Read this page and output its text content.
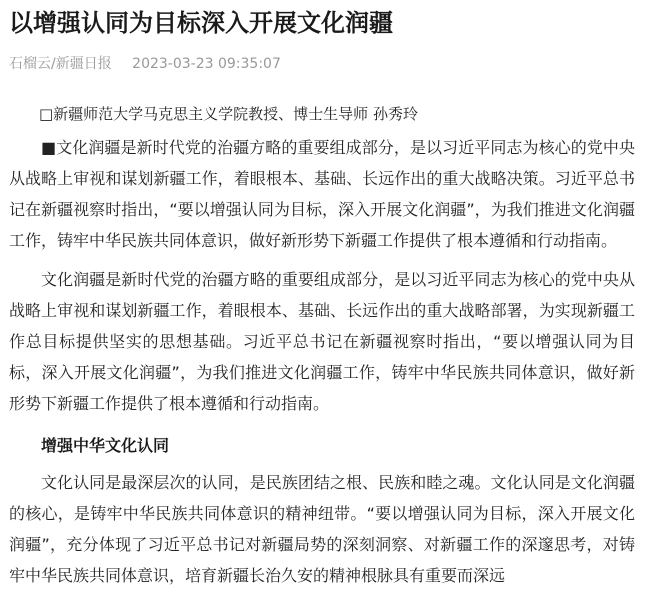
以增强认同为目标深入开展文化润疆
石榴云/新疆日报 2023-03-23 09:35:07

□新疆师范大学马克思主义学院教授、博士生导师 孙秀玲

■文化润疆是新时代党的治疆方略的重要组成部分，是以习近平同志为核心的党中央从战略上审视和谋划新疆工作，着眼根本、基础、长远作出的重大战略决策。习近平总书记在新疆视察时指出，“要以增强认同为目标，深入开展文化润疆”，为我们推进文化润疆工作，铸牢中华民族共同体意识，做好新形势下新疆工作提供了根本遵循和行动指南。

文化润疆是新时代党的治疆方略的重要组成部分，是以习近平同志为核心的党中央从战略上审视和谋划新疆工作，着眼根本、基础、长远作出的重大战略部署，为实现新疆工作总目标提供坚实的思想基础。习近平总书记在新疆视察时指出，“要以增强认同为目标，深入开展文化润疆”，为我们推进文化润疆工作，铸牢中华民族共同体意识，做好新形势下新疆工作提供了根本遵循和行动指南。

增强中华文化认同

文化认同是最深层次的认同，是民族团结之根、民族和睦之魂。文化认同是文化润疆的核心，是铸牢中华民族共同体意识的精神纽带。“要以增强认同为目标，深入开展文化润疆”，充分体现了习近平总书记对新疆局势的深刻洞察、对新疆工作的深邃思考，对铸牢中华民族共同体意识，培育新疆长治久安的精神根脉具有重要而深远
